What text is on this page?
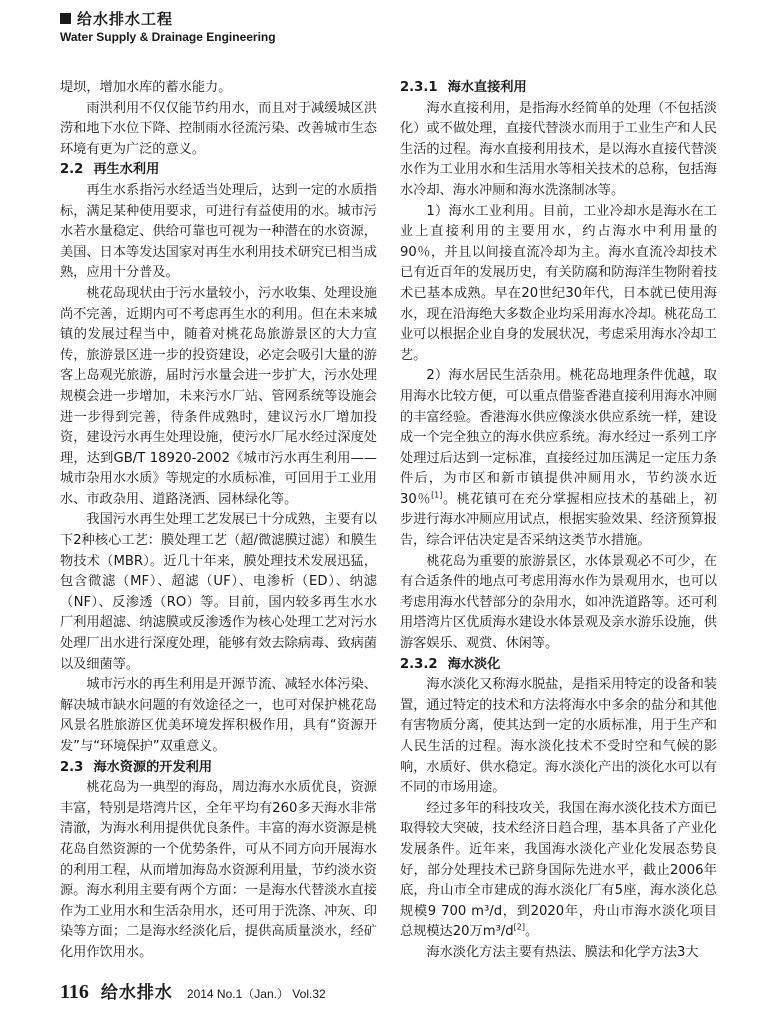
给水排水工程
Water Supply & Drainage Engineering

堤坝，增加水库的蓄水能力。

雨洪利用不仅仅能节约用水，而且对于减缓城区洪涝和地下水位下降、控制雨水径流污染、改善城市生态环境有更为广泛的意义。

2.2 再生水利用

再生水系指污水经适当处理后，达到一定的水质指标，满足某种使用要求，可进行有益使用的水。城市污水若水量稳定、供给可靠也可视为一种潜在的水资源，美国、日本等发达国家对再生水利用技术研究已相当成熟，应用十分普及。

桃花岛现状由于污水量较小，污水收集、处理设施尚不完善，近期内可不考虑再生水的利用。但在未来城镇的发展过程当中，随着对桃花岛旅游景区的大力宣传，旅游景区进一步的投资建设，必定会吸引大量的游客上岛观光旅游，届时污水量会进一步扩大，污水处理规模会进一步增加，未来污水厂站、管网系统等设施会进一步得到完善，待条件成熟时，建议污水厂增加投资，建设污水再生处理设施，使污水厂尾水经过深度处理，达到GB/T 18920-2002《城市污水再生利用——城市杂用水水质》等规定的水质标准，可回用于工业用水、市政杂用、道路浇洒、园林绿化等。

我国污水再生处理工艺发展已十分成熟，主要有以下2种核心工艺：膜处理工艺（超/微滤膜过滤）和膜生物技术（MBR）。近几十年来，膜处理技术发展迅猛，包含微滤（MF）、超滤（UF）、电渗析（ED）、纳滤（NF）、反渗透（RO）等。目前，国内较多再生水水厂利用超滤、纳滤膜或反渗透作为核心处理工艺对污水处理厂出水进行深度处理，能够有效去除病毒、致病菌以及细菌等。

城市污水的再生利用是开源节流、减轻水体污染、解决城市缺水问题的有效途径之一，也可对保护桃花岛风景名胜旅游区优美环境发挥积极作用，具有“资源开发”与“环境保护”双重意义。

2.3 海水资源的开发利用

桃花岛为一典型的海岛，周边海水水质优良，资源丰富，特别是塔湾片区，全年平均有260多天海水非常清澈，为海水利用提供优良条件。丰富的海水资源是桃花岛自然资源的一个优势条件，可从不同方向开展海水的利用工程，从而增加海岛水资源利用量，节约淡水资源。海水利用主要有两个方面：一是海水代替淡水直接作为工业用水和生活杂用水，还可用于洗涤、冲灰、印染等方面；二是海水经淡化后，提供高质量淡水，经矿化用作饮用水。

2.3.1 海水直接利用

海水直接利用，是指海水经简单的处理（不包括淡化）或不做处理，直接代替淡水而用于工业生产和人民生活的过程。海水直接利用技术，是以海水直接代替淡水作为工业用水和生活用水等相关技术的总称，包括海水冷却、海水冲厕和海水洗涤制冰等。

1）海水工业利用。目前，工业冷却水是海水在工业上直接利用的主要用水，约占海水中利用量的90％，并且以间接直流冷却为主。海水直流冷却技术已有近百年的发展历史，有关防腐和防海洋生物附着技术已基本成熟。早在20世纪30年代，日本就已使用海水，现在沿海绝大多数企业均采用海水冷却。桃花岛工业可以根据企业自身的发展状况，考虑采用海水冷却工艺。

2）海水居民生活杂用。桃花岛地理条件优越，取用海水比较方便，可以重点借鉴香港直接利用海水冲厕的丰富经验。香港海水供应像淡水供应系统一样，建设成一个完全独立的海水供应系统。海水经过一系列工序处理过后达到一定标准，直接经过加压满足一定压力条件后，为市区和新市镇提供冲厕用水，节约淡水近30％[1]。桃花镇可在充分掌握相应技术的基础上，初步进行海水冲厕应用试点，根据实验效果、经济预算报告，综合评估决定是否采纳这类节水措施。

桃花岛为重要的旅游景区，水体景观必不可少，在有合适条件的地点可考虑用海水作为景观用水，也可以考虑用海水代替部分的杂用水，如冲洗道路等。还可利用塔湾片区优质海水建设水体景观及亲水游乐设施，供游客娱乐、观赏、休闲等。

2.3.2 海水淡化

海水淡化又称海水脱盐，是指采用特定的设备和装置，通过特定的技术和方法将海水中多余的盐分和其他有害物质分离，使其达到一定的水质标准，用于生产和人民生活的过程。海水淡化技术不受时空和气候的影响，水质好、供水稳定。海水淡化产出的淡化水可以有不同的市场用途。

经过多年的科技攻关，我国在海水淡化技术方面已取得较大突破，技术经济日趋合理，基本具备了产业化发展条件。近年来，我国海水淡化产业化发展态势良好，部分处理技术已跻身国际先进水平，截止2006年底，舟山市全市建成的海水淡化厂有5座，海水淡化总规模9 700 m³/d，到2020年，舟山市海水淡化项目总规模达20万m³/d[2]。

海水淡化方法主要有热法、膜法和化学方法3大

116 给水排水 2014 No.1（Jan.） Vol.32
